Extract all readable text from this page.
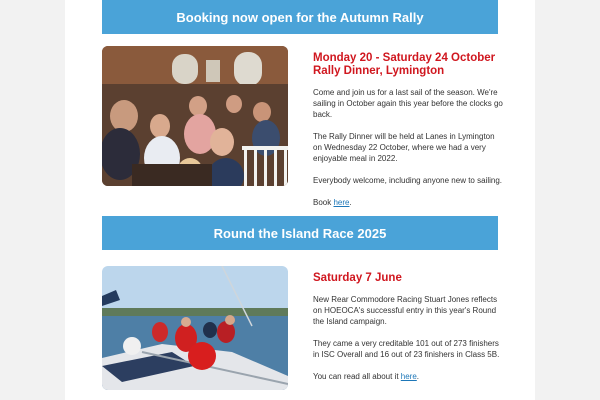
Booking now open for the Autumn Rally
Monday 20 - Saturday 24 October
Rally Dinner, Lymington

Come and join us for a last sail of the season. We're sailing in October again this year before the clocks go back.

The Rally Dinner will be held at Lanes in Lymington on Wednesday 22 October, where we had a very enjoyable meal in 2022.

Everybody welcome, including anyone new to sailing.

Book here.

Round the Island Race 2025
Saturday 7 June

New Rear Commodore Racing Stuart Jones reflects on HOEOCA's successful entry in this year's Round the Island campaign.

They came a very creditable 101 out of 273 finishers in ISC Overall and 16 out of 23 finishers in Class 5B.

You can read all about it here.
